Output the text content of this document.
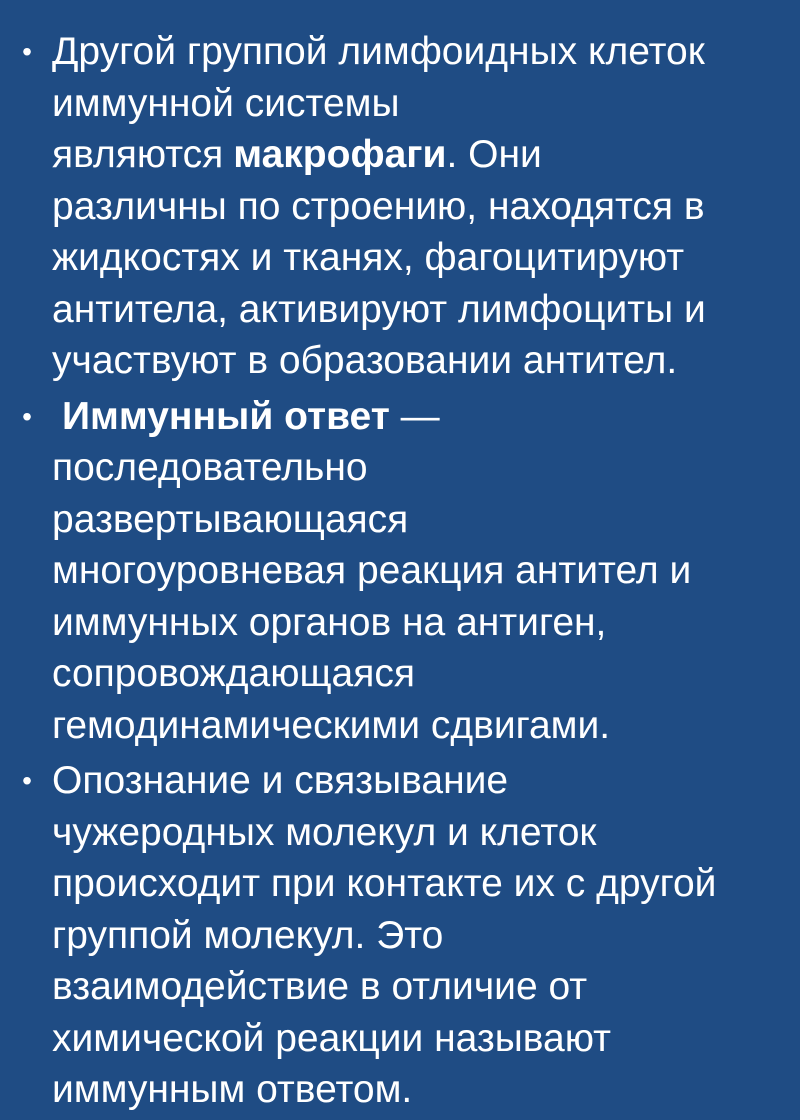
• Другой группой лимфоидных клеток
иммунной системы
являются макрофаги. Они
различны по строению, находятся в
жидкостях и тканях, фагоцитируют
антитела, активируют лимфоциты и
участвуют в образовании антител.
• Иммунный ответ —
последовательно
развертывающаяся
многоуровневая реакция антител и
иммунных органов на антиген,
сопровождающаяся
гемодинамическими сдвигами.
• Опознание и связывание
чужеродных молекул и клеток
происходит при контакте их с другой
группой молекул. Это
взаимодействие в отличие от
химической реакции называют
иммунным ответом.
